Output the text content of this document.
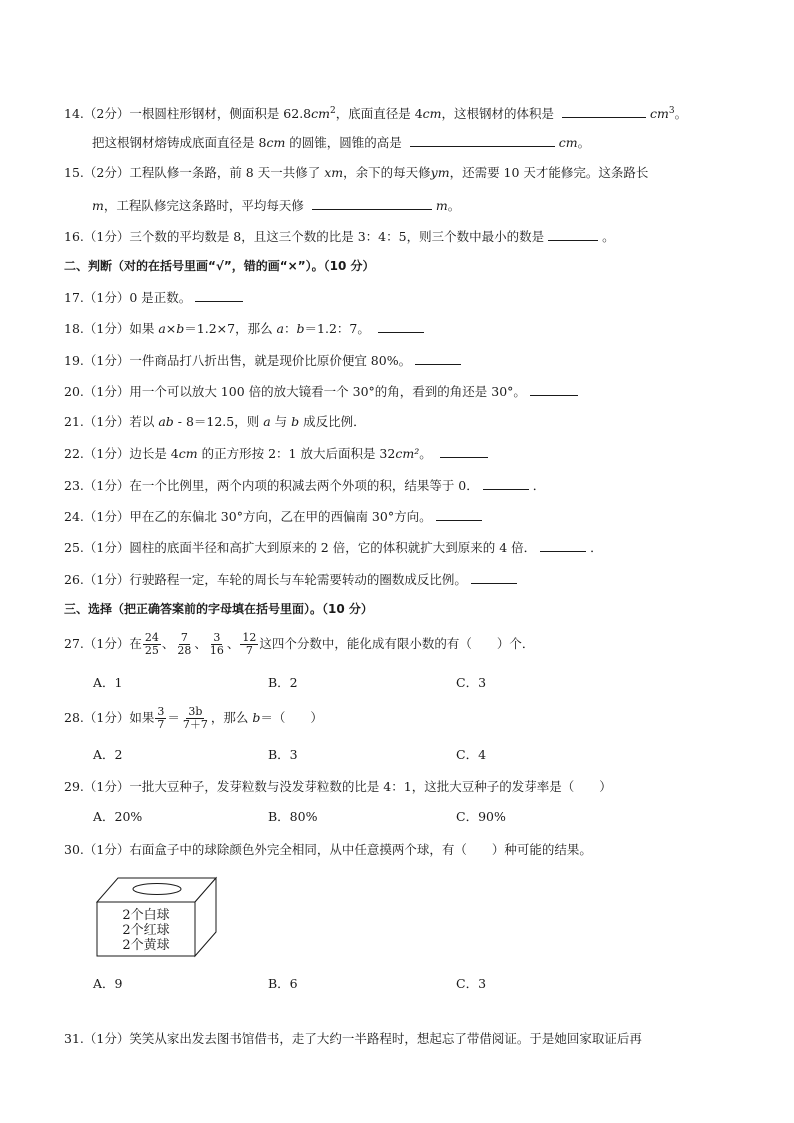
14.（2分）一根圆柱形钢材，侧面积是 $62.8cm^2$，底面直径是 4cm，这根钢材的体积是	$cm^3$。
把这根钢材熔铸成底面直径是 8cm 的圆锥，圆锥的高是	cm。
15.（2分）工程队修一条路，前 8 天一共修了 xm，余下的每天修ym，还需要 10 天才能修完。这条路长
m，工程队修完这条路时，平均每天修	m。
16.（1分）三个数的平均数是 8，且这三个数的比是 3：4：5，则三个数中最小的数是	。
二、判断（对的在括号里画“√”，错的画“×”）。（10 分）
17.（1分）0 是正数。
18.（1分）如果 a×b＝1.2×7，那么 a：b＝1.2：7。
19.（1分）一件商品打八折出售，就是现价比原价便宜 80%。
20.（1分）用一个可以放大 100 倍的放大镜看一个 30°的角，看到的角还是 30°。
21.（1分）若以 ab - 8＝12.5，则 a 与 b 成反比例．
22.（1分）边长是 4cm 的正方形按 2：1 放大后面积是 32cm²。
23.（1分）在一个比例里，两个内项的积减去两个外项的积，结果等于 0．	．
24.（1分）甲在乙的东偏北 30°方向，乙在甲的西偏南 30°方向。
25.（1分）圆柱的底面半径和高扩大到原来的 2 倍，它的体积就扩大到原来的 4 倍．	．
26.（1分）行驶路程一定，车轮的周长与车轮需要转动的圈数成反比例。
三、选择（把正确答案前的字母填在括号里面）。（10 分）
27.（1分）在 $\frac{24}{25}$ 、 $\frac{7}{28}$ 、 $\frac{3}{16}$ 、 $\frac{12}{7}$ 这四个分数中，能化成有限小数的有（　　）个．
A．1	B．2	C．3
28.（1分）如果 $\frac{3}{7} = \frac{3b}{7+7}$ ，那么 b＝（　　）
A．2	B．3	C．4
29.（1分）一批大豆种子，发芽粒数与没发芽粒数的比是 4：1，这批大豆种子的发芽率是（　　）
A．20%	B．80%	C．90%
30.（1分）右面盒子中的球除颜色外完全相同，从中任意摸两个球，有（　　）种可能的结果。
2个白球
2个红球
2个黄球
A．9	B．6	C．3
31.（1分）笑笑从家出发去图书馆借书，走了大约一半路程时，想起忘了带借阅证。于是她回家取证后再
